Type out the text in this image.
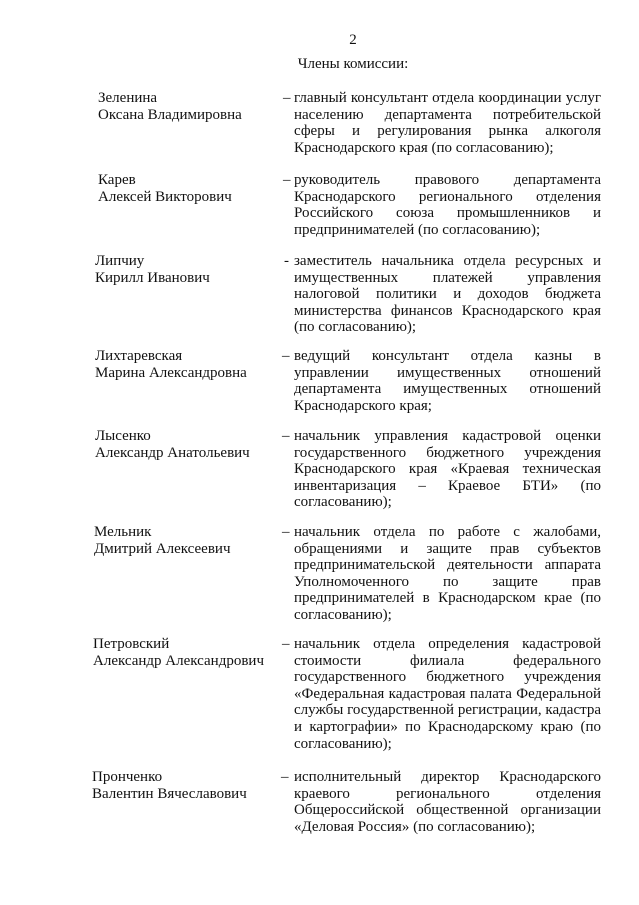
2
Члены комиссии:
Зеленина
Оксана Владимировна
– главный консультант отдела координации услуг населению департамента потребительской сферы и регулирования рынка алкоголя Краснодарского края (по согласованию);
Карев
Алексей Викторович
– руководитель правового департамента Краснодарского регионального отделения Российского союза промышленников и предпринимателей (по согласованию);
Липчиу
Кирилл Иванович
- заместитель начальника отдела ресурсных и имущественных платежей управления налоговой политики и доходов бюджета министерства финансов Краснодарского края (по согласованию);
Лихтаревская
Марина Александровна
– ведущий консультант отдела казны в управлении имущественных отношений департамента имущественных отношений Краснодарского края;
Лысенко
Александр Анатольевич
– начальник управления кадастровой оценки государственного бюджетного учреждения Краснодарского края «Краевая техническая инвентаризация – Краевое БТИ» (по согласованию);
Мельник
Дмитрий Алексеевич
– начальник отдела по работе с жалобами, обращениями и защите прав субъектов предпринимательской деятельности аппарата Уполномоченного по защите прав предпринимателей в Краснодарском крае (по согласованию);
Петровский
Александр Александрович
– начальник отдела определения кадастровой стоимости филиала федерального государственного бюджетного учреждения «Федеральная кадастровая палата Федеральной службы государственной регистрации, кадастра и картографии» по Краснодарскому краю (по согласованию);
Пронченко
Валентин Вячеславович
– исполнительный директор Краснодарского краевого регионального отделения Общероссийской общественной организации «Деловая Россия» (по согласованию);
